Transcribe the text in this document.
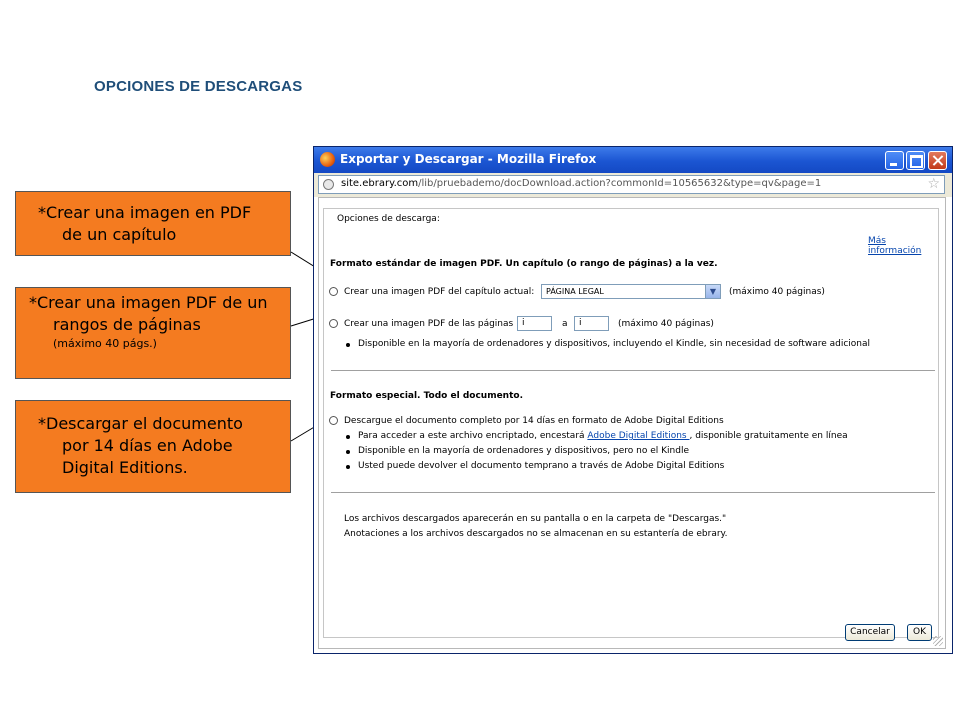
OPCIONES DE DESCARGAS
*Crear una imagen en PDF
de un capítulo
*Crear una imagen PDF de un
rangos de páginas
(máximo 40 págs.)
*Descargar el documento
por 14 días en Adobe
Digital Editions.
Exportar y Descargar - Mozilla Firefox
site.ebrary.com/lib/pruebademo/docDownload.action?commonId=10565632&type=qv&page=1	☆
Opciones de descarga:
Más información
Formato estándar de imagen PDF. Un capítulo (o rango de páginas) a la vez.
Crear una imagen PDF del capítulo actual: PÁGINA LEGAL	▼	(máximo 40 páginas)
Crear una imagen PDF de las páginas i	a	i	(máximo 40 páginas)
Disponible en la mayoría de ordenadores y dispositivos, incluyendo el Kindle, sin necesidad de software adicional
Formato especial. Todo el documento.
Descargue el documento completo por 14 días en formato de Adobe Digital Editions
Para acceder a este archivo encriptado, encestará Adobe Digital Editions , disponible gratuitamente en línea
Disponible en la mayoría de ordenadores y dispositivos, pero no el Kindle
Usted puede devolver el documento temprano a través de Adobe Digital Editions
Los archivos descargados aparecerán en su pantalla o en la carpeta de "Descargas."
Anotaciones a los archivos descargados no se almacenan en su estantería de ebrary.
Cancelar	OK
